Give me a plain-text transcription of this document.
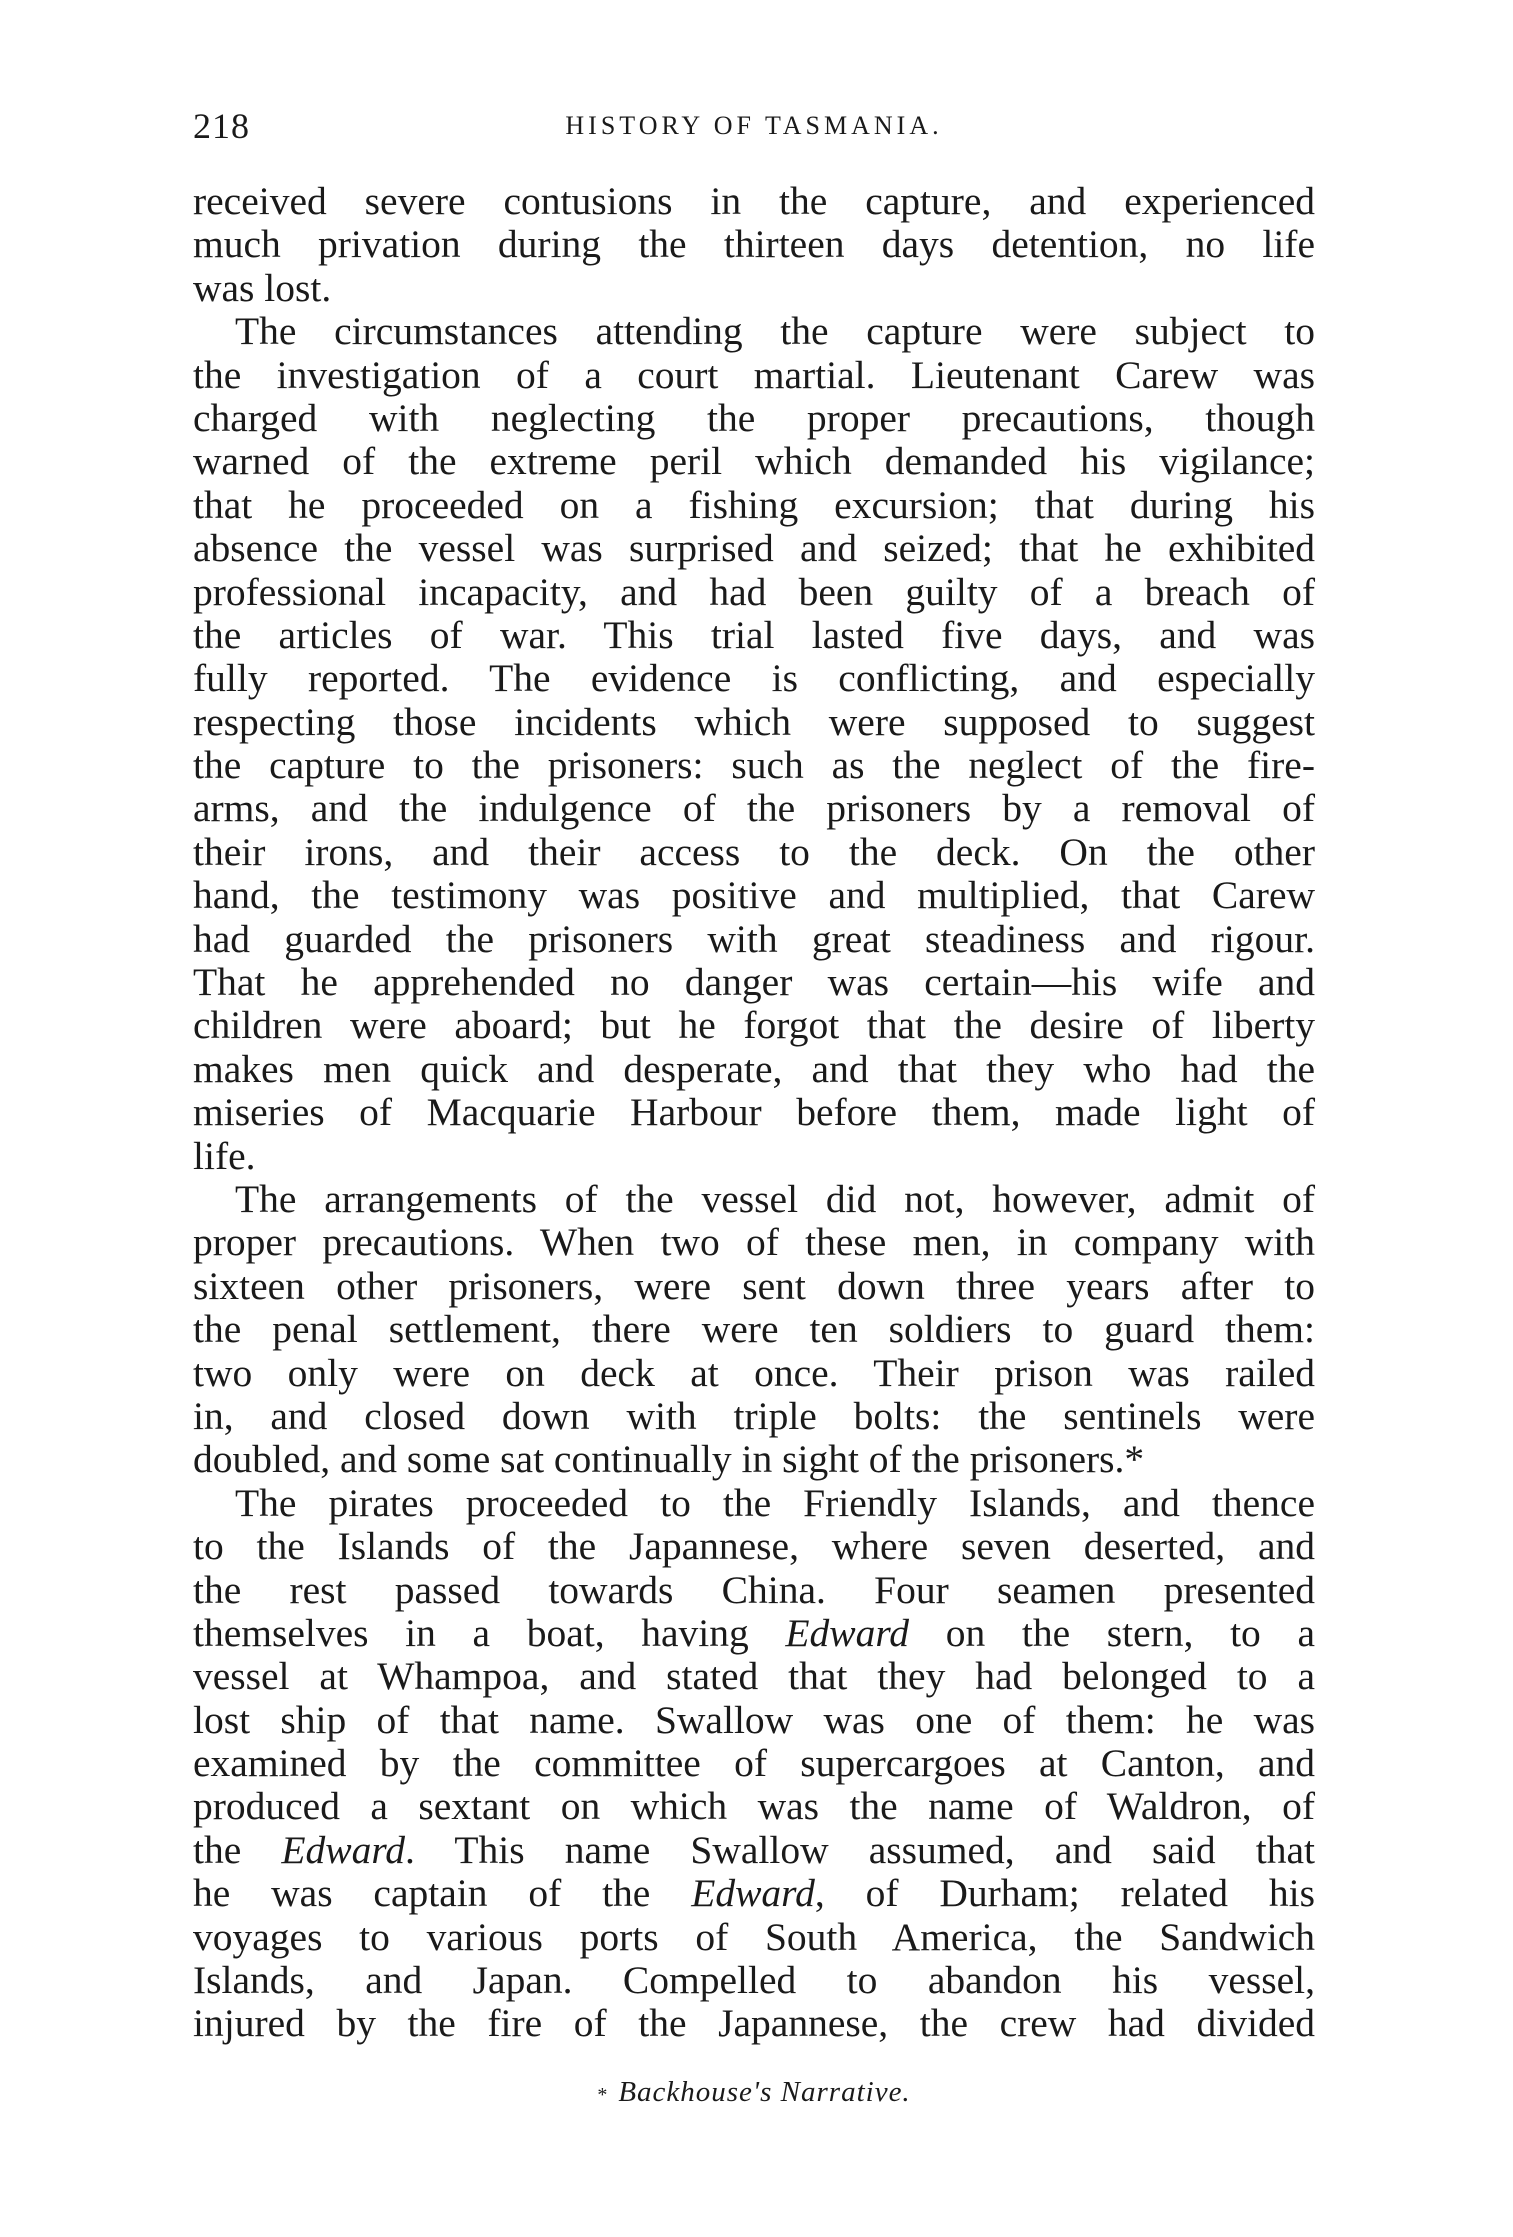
218	HISTORY OF TASMANIA.
received severe contusions in the capture, and experienced
much privation during the thirteen days detention, no life
was lost.
The circumstances attending the capture were subject to
the investigation of a court martial. Lieutenant Carew was
charged with neglecting the proper precautions, though
warned of the extreme peril which demanded his vigilance;
that he proceeded on a fishing excursion; that during his
absence the vessel was surprised and seized; that he exhibited
professional incapacity, and had been guilty of a breach of
the articles of war. This trial lasted five days, and was
fully reported. The evidence is conflicting, and especially
respecting those incidents which were supposed to suggest
the capture to the prisoners: such as the neglect of the fire-
arms, and the indulgence of the prisoners by a removal of
their irons, and their access to the deck. On the other
hand, the testimony was positive and multiplied, that Carew
had guarded the prisoners with great steadiness and rigour.
That he apprehended no danger was certain—his wife and
children were aboard; but he forgot that the desire of liberty
makes men quick and desperate, and that they who had the
miseries of Macquarie Harbour before them, made light of
life.
The arrangements of the vessel did not, however, admit of
proper precautions. When two of these men, in company with
sixteen other prisoners, were sent down three years after to
the penal settlement, there were ten soldiers to guard them:
two only were on deck at once. Their prison was railed
in, and closed down with triple bolts: the sentinels were
doubled, and some sat continually in sight of the prisoners.*
The pirates proceeded to the Friendly Islands, and thence
to the Islands of the Japannese, where seven deserted, and
the rest passed towards China. Four seamen presented
themselves in a boat, having Edward on the stern, to a
vessel at Whampoa, and stated that they had belonged to a
lost ship of that name. Swallow was one of them: he was
examined by the committee of supercargoes at Canton, and
produced a sextant on which was the name of Waldron, of
the Edward. This name Swallow assumed, and said that
he was captain of the Edward, of Durham; related his
voyages to various ports of South America, the Sandwich
Islands, and Japan. Compelled to abandon his vessel,
injured by the fire of the Japannese, the crew had divided
* Backhouse's Narrative.
